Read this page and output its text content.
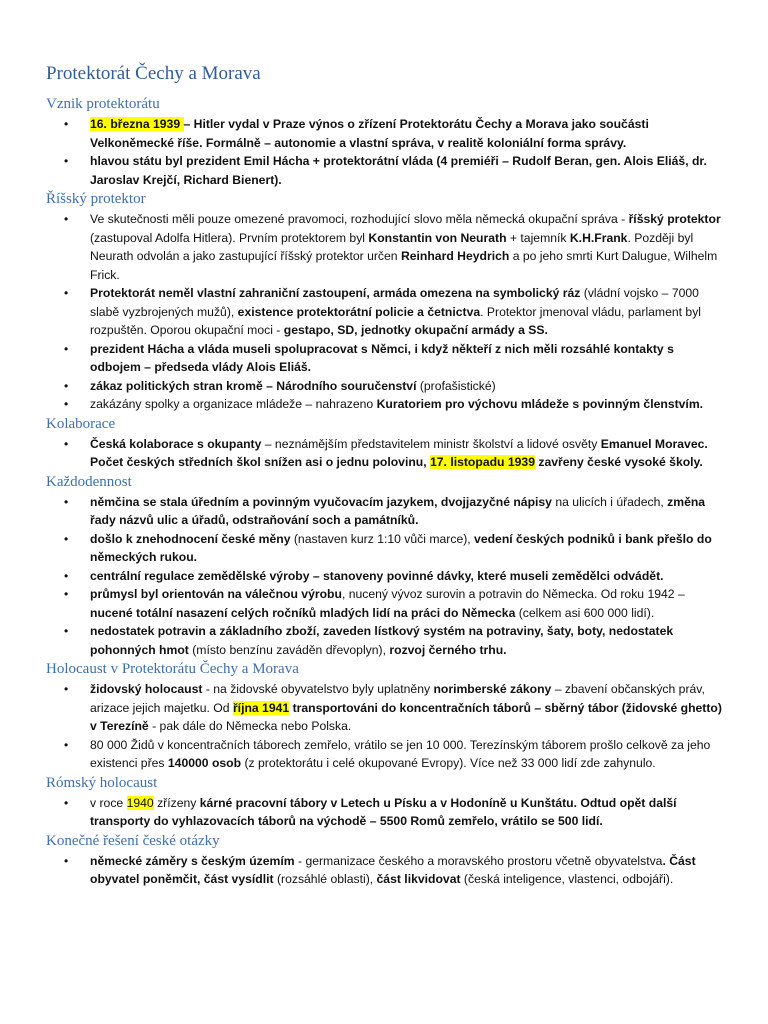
Protektorát Čechy a Morava
Vznik protektorátu
• 16. března 1939 – Hitler vydal v Praze výnos o zřízení Protektorátu Čechy a Morava jako součásti Velkoněmecké říše. Formálně – autonomie a vlastní správa, v realitě koloniální forma správy.
• hlavou státu byl prezident Emil Hácha + protektorátní vláda (4 premiéři – Rudolf Beran, gen. Alois Eliáš, dr. Jaroslav Krejčí, Richard Bienert).
Říšský protektor
• Ve skutečnosti měli pouze omezené pravomoci, rozhodující slovo měla německá okupační správa - říšský protektor (zastupoval Adolfa Hitlera). Prvním protektorem byl Konstantin von Neurath + tajemník K.H.Frank. Později byl Neurath odvolán a jako zastupující říšský protektor určen Reinhard Heydrich a po jeho smrti Kurt Dalugue, Wilhelm Frick.
• Protektorát neměl vlastní zahraniční zastoupení, armáda omezena na symbolický ráz (vládní vojsko – 7000 slabě vyzbrojených mužů), existence protektorátní policie a četnictva. Protektor jmenoval vládu, parlament byl rozpuštěn. Oporou okupační moci - gestapo, SD, jednotky okupační armády a SS.
• prezident Hácha a vláda museli spolupracovat s Němci, i když někteří z nich měli rozsáhlé kontakty s odbojem – předseda vlády Alois Eliáš.
• zákaz politických stran kromě – Národního souručenství (profašistické)
• zakázány spolky a organizace mládeže – nahrazeno Kuratoriem pro výchovu mládeže s povinným členstvím.
Kolaborace
• Česká kolaborace s okupanty – neznámějším představitelem ministr školství a lidové osvěty Emanuel Moravec. Počet českých středních škol snížen asi o jednu polovinu, 17. listopadu 1939 zavřeny české vysoké školy.
Každodennost
• němčina se stala úředním a povinným vyučovacím jazykem, dvojjazyčné nápisy na ulicích i úřadech, změna řady názvů ulic a úřadů, odstraňování soch a památníků.
• došlo k znehodnocení české měny (nastaven kurz 1:10 vůči marce), vedení českých podniků i bank přešlo do německých rukou.
• centrální regulace zemědělské výroby – stanoveny povinné dávky, které museli zemědělci odvádět.
• průmysl byl orientován na válečnou výrobu, nucený vývoz surovin a potravin do Německa. Od roku 1942 – nucené totální nasazení celých ročníků mladých lidí na práci do Německa (celkem asi 600 000 lidí).
• nedostatek potravin a základního zboží, zaveden lístkový systém na potraviny, šaty, boty, nedostatek pohonných hmot (místo benzínu zaváděn dřevoplyn), rozvoj černého trhu.
Holocaust v Protektorátu Čechy a Morava
• židovský holocaust - na židovské obyvatelstvo byly uplatněny norimberské zákony – zbavení občanských práv, arizace jejich majetku. Od října 1941 transportováni do koncentračních táborů – sběrný tábor (židovské ghetto) v Terezíně - pak dále do Německa nebo Polska.
• 80 000 Židů v koncentračních táborech zemřelo, vrátilo se jen 10 000. Terezínským táborem prošlo celkově za jeho existenci přes 140000 osob (z protektorátu i celé okupované Evropy). Více než 33 000 lidí zde zahynulo.
Rómský holocaust
• v roce 1940 zřízeny kárné pracovní tábory v Letech u Písku a v Hodoníně u Kunštátu. Odtud opět další transporty do vyhlazovacích táborů na východě – 5500 Romů zemřelo, vrátilo se 500 lidí.
Konečné řešení české otázky
• německé záměry s českým územím - germanizace českého a moravského prostoru včetně obyvatelstva. Část obyvatel poněmčit, část vysídlit (rozsáhlé oblasti), část likvidovat (česká inteligence, vlastenci, odbojáři).
